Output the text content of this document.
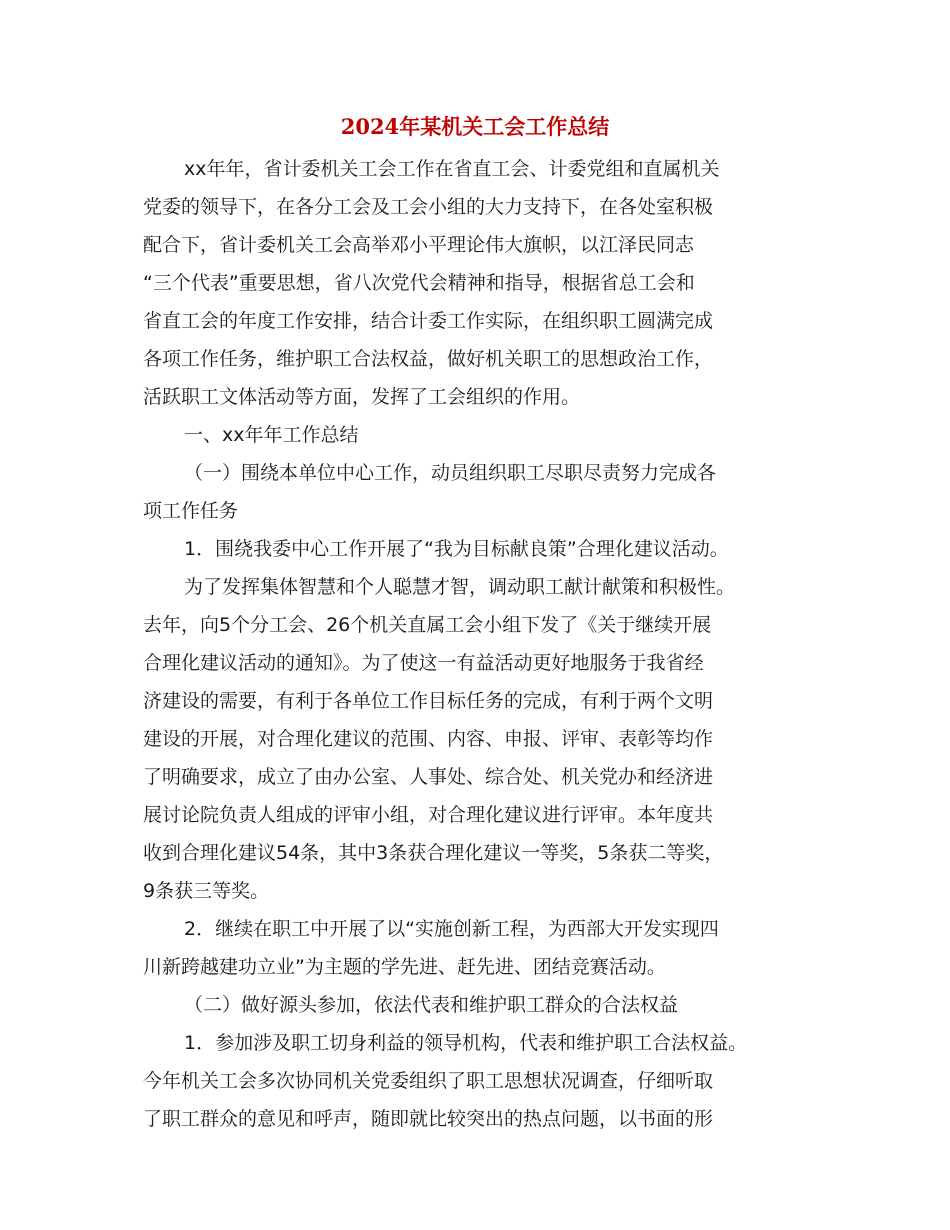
2024年某机关工会工作总结
xx年年，省计委机关工会工作在省直工会、计委党组和直属机关
党委的领导下，在各分工会及工会小组的大力支持下，在各处室积极
配合下，省计委机关工会高举邓小平理论伟大旗帜，以江泽民同志
“三个代表”重要思想，省八次党代会精神和指导，根据省总工会和
省直工会的年度工作安排，结合计委工作实际，在组织职工圆满完成
各项工作任务，维护职工合法权益，做好机关职工的思想政治工作，
活跃职工文体活动等方面，发挥了工会组织的作用。
一、xx年年工作总结
（一）围绕本单位中心工作，动员组织职工尽职尽责努力完成各
项工作任务
1．围绕我委中心工作开展了“我为目标献良策”合理化建议活动。
为了发挥集体智慧和个人聪慧才智，调动职工献计献策和积极性。
去年，向5个分工会、26个机关直属工会小组下发了《关于继续开展
合理化建议活动的通知》。为了使这一有益活动更好地服务于我省经
济建设的需要，有利于各单位工作目标任务的完成，有利于两个文明
建设的开展，对合理化建议的范围、内容、申报、评审、表彰等均作
了明确要求，成立了由办公室、人事处、综合处、机关党办和经济进
展讨论院负责人组成的评审小组，对合理化建议进行评审。本年度共
收到合理化建议54条，其中3条获合理化建议一等奖，5条获二等奖，
9条获三等奖。
2．继续在职工中开展了以“实施创新工程，为西部大开发实现四
川新跨越建功立业”为主题的学先进、赶先进、团结竞赛活动。
（二）做好源头参加，依法代表和维护职工群众的合法权益
1．参加涉及职工切身利益的领导机构，代表和维护职工合法权益。
今年机关工会多次协同机关党委组织了职工思想状况调查，仔细听取
了职工群众的意见和呼声，随即就比较突出的热点问题，以书面的形
